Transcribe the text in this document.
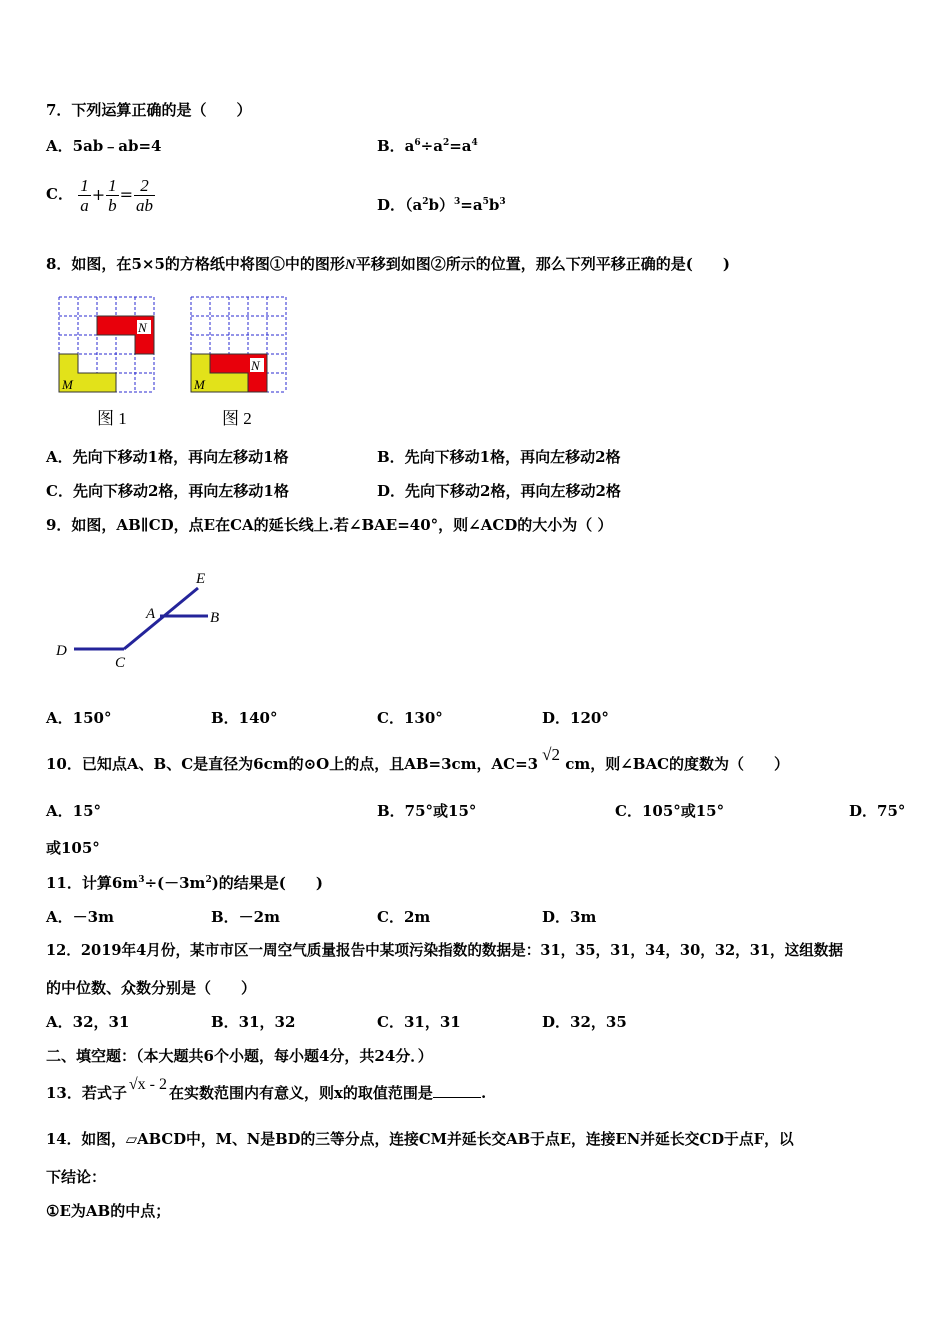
7．下列运算正确的是（　　）
A．5ab﹣ab=4	B．$a^6\div a^2=a^4$
C． $\frac{1}{a} + \frac{1}{b} = \frac{2}{ab}$	D．$(a^2b)^3=a^5b^3$
8．如图，在5×5的方格纸中将图①中的图形N平移到如图②所示的位置，那么下列平移正确的是(　　)
N
M
图 1
N
M
图 2
A．先向下移动1格，再向左移动1格	B．先向下移动1格，再向左移动2格
C．先向下移动2格，再向左移动1格	D．先向下移动2格，再向左移动2格
9．如图，AB∥CD，点E在CA的延长线上.若∠BAE=40°，则∠ACD的大小为（ ）
E
A	B
C
D
A．150°	B．140°	C．130°	D．120°
10．已知点A、B、C是直径为6cm的⊙O上的点，且AB=3cm，AC=3 √2 cm，则∠BAC的度数为（　　）
A．15°	B．75°或15°	C．105°或15°	D．75°
或105°
11．计算$6m^3\div(-3m^2)$的结果是(　　)
A．－3m	B．－2m	C．2m	D．3m
12．2019年4月份，某市市区一周空气质量报告中某项污染指数的数据是：31，35，31，34，30，32，31，这组数据
的中位数、众数分别是（　　）
A．32，31	B．31，32	C．31，31	D．32，35
二、填空题：（本大题共6个小题，每小题4分，共24分．）
13．若式子 √x - 2 在实数范围内有意义，则x的取值范围是	.
14．如图，▱ABCD中，M、N是BD的三等分点，连接CM并延长交AB于点E，连接EN并延长交CD于点F，以
下结论：
①E为AB的中点；
